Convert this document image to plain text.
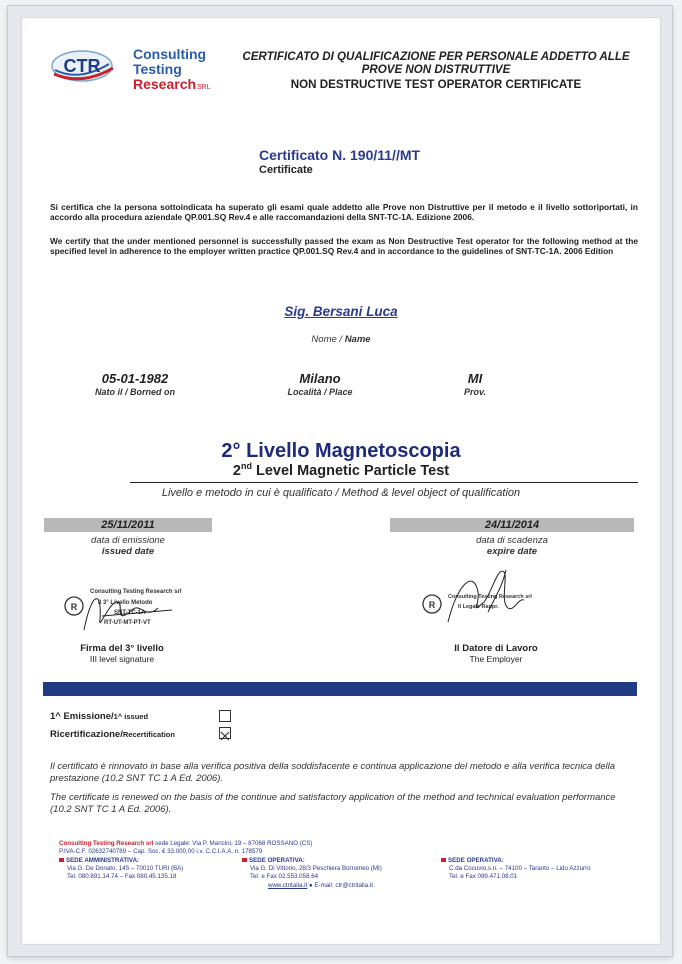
CTR
Consulting
Testing
Research SRL
CERTIFICATO DI QUALIFICAZIONE PER PERSONALE ADDETTO ALLE PROVE NON DISTRUTTIVE
NON DESTRUCTIVE TEST OPERATOR CERTIFICATE
Certificato N. 190/11//MT
Certificate
Si certifica che la persona sottoindicata ha superato gli esami quale addetto alle Prove non Distruttive per il metodo e il livello sottoriportati, in accordo alla procedura aziendale QP.001.SQ Rev.4 e alle raccomandazioni della SNT-TC-1A. Edizione 2006.
We certify that the under mentioned personnel is successfully passed the exam as Non Destructive Test operator for the following method at the specified level in adherence to the employer written practice QP.001.SQ Rev.4 and in accordance to the guidelines of SNT-TC-1A. 2006 Edition
Sig. Bersani Luca
Nome / Name
05-01-1982
Nato il / Borned on
Milano
Località / Place
MI
Prov.
2° Livello Magnetoscopia
2nd Level Magnetic Particle Test
Livello e metodo in cui è qualificato / Method & level object of qualification
25/11/2011
data di emissione
issued date
24/11/2014
data di scadenza
expire date
R
Consulting Testing Research srl
Il 3° Livello Metodo
SNT-TC-1A
RT-UT-MT-PT-VT
Firma del 3° livello
III level signature
R
Consulting Testing Research srl
Il Legale Rappr.
Il Datore di Lavoro
The Employer
1^ Emissione/1^ issued
Ricertificazione/Recertification
Il certificato è rinnovato in base alla verifica positiva della soddisfacente e continua applicazione del metodo e alla verifica tecnica della prestazione (10.2 SNT TC 1 A Ed. 2006).
The certificate is renewed on the basis of the continue and satisfactory application of the method and technical evaluation performance (10.2 SNT TC 1 A Ed. 2006).
Consulting Testing Research srl sede Legale: Via P. Mancini, 19 – 87068 ROSSANO (CS)
P.IVA-C.F. 02632740789 – Cap. Soc. € 33.000,00 i.v. C.C.I.A.A. n. 178579
SEDE AMMINISTRATIVA:
Via G. De Donato, 145 – 70010 TURI (BA)
Tel. 080.891.14.74 – Fax 080.45.135.18
SEDE OPERATIVA:
Via G. Di Vittorio, 28/3 Peschiera Borromeo (MI)
Tel. e Fax 02.553.058.64
www.ctritalia.it ● E-mail: ctr@ctritalia.it
SEDE OPERATIVA:
C.da Cocuvio,s.n. – 74100 – Taranto – Lido Azzurro
Tel. e Fax 099.471.08.01
